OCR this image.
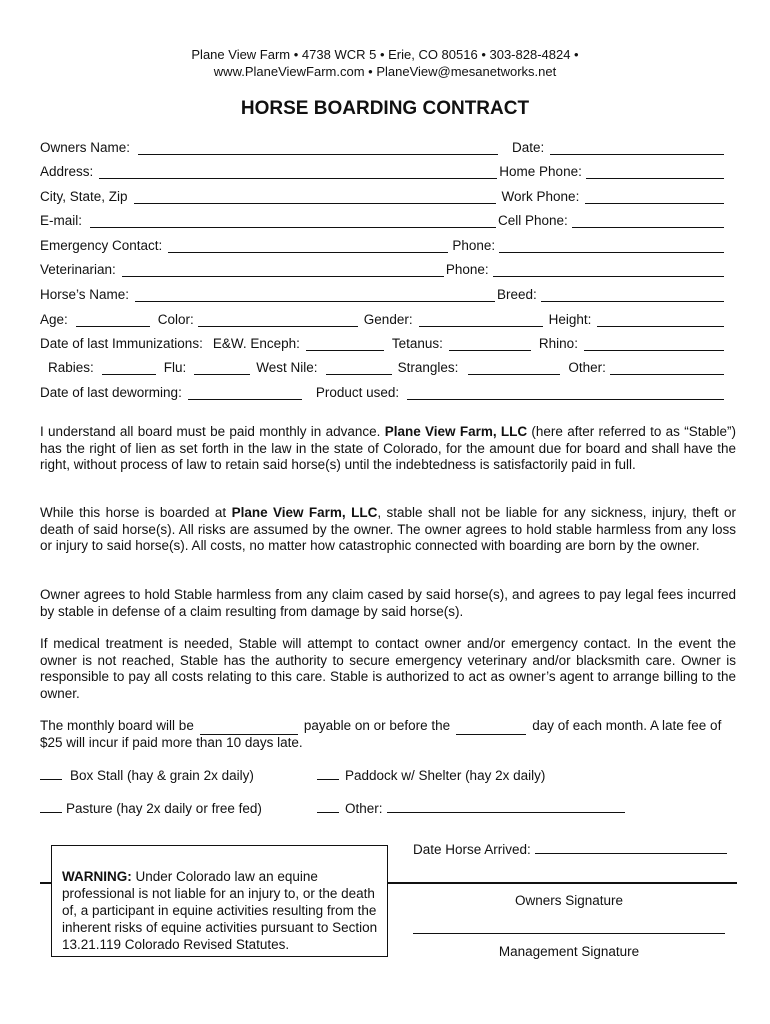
Plane View Farm • 4738 WCR 5 • Erie, CO 80516 • 303-828-4824 •
www.PlaneViewFarm.com • PlaneView@mesanetworks.net
HORSE BOARDING CONTRACT
Owners Name:	Date:
Address:	Home Phone:
City, State, Zip	Work Phone:
E-mail:	Cell Phone:
Emergency Contact:	Phone:
Veterinarian:	Phone:
Horse’s Name:	Breed:
Age:	Color:	Gender:	Height:
Date of last Immunizations: E&W. Enceph:	Tetanus:	Rhino:
Rabies:	Flu:	West Nile:	Strangles:	Other:
Date of last deworming:	Product used:

I understand all board must be paid monthly in advance. Plane View Farm, LLC (here after referred to as “Stable”) has the right of lien as set forth in the law in the state of Colorado, for the amount due for board and shall have the right, without process of law to retain said horse(s) until the indebtedness is satisfactorily paid in full.

While this horse is boarded at Plane View Farm, LLC, stable shall not be liable for any sickness, injury, theft or death of said horse(s). All risks are assumed by the owner. The owner agrees to hold stable harmless from any loss or injury to said horse(s). All costs, no matter how catastrophic connected with boarding are born by the owner.

Owner agrees to hold Stable harmless from any claim cased by said horse(s), and agrees to pay legal fees incurred by stable in defense of a claim resulting from damage by said horse(s).

If medical treatment is needed, Stable will attempt to contact owner and/or emergency contact. In the event the owner is not reached, Stable has the authority to secure emergency veterinary and/or blacksmith care. Owner is responsible to pay all costs relating to this care. Stable is authorized to act as owner’s agent to arrange billing to the owner.

The monthly board will be	payable on or before the	day of each month. A late fee of
$25 will incur if paid more than 10 days late.
Box Stall (hay & grain 2x daily)	Paddock w/ Shelter (hay 2x daily)
Pasture (hay 2x daily or free fed)	Other:
Date Horse Arrived:
Owners Signature
Management Signature
WARNING: Under Colorado law an equine professional is not liable for an injury to, or the death of, a participant in equine activities resulting from the inherent risks of equine activities pursuant to Section 13.21.119 Colorado Revised Statutes.
